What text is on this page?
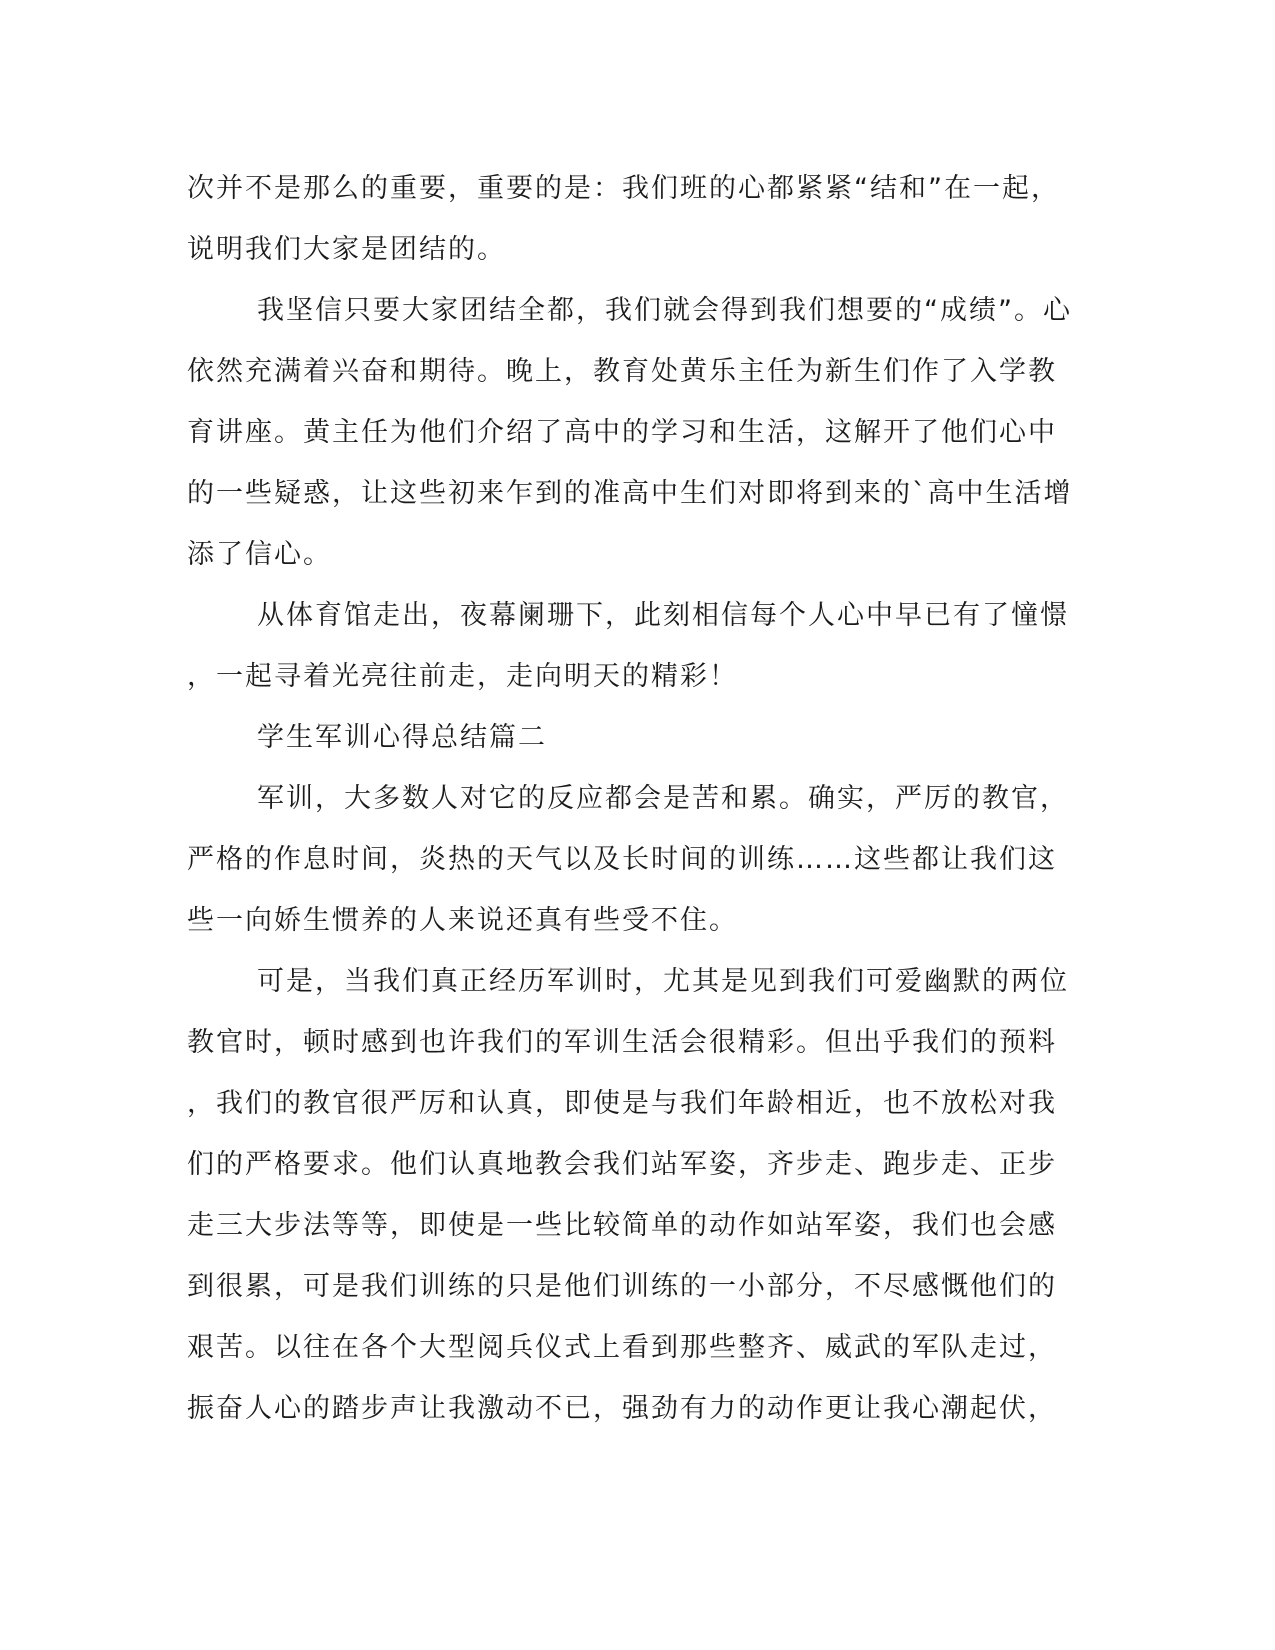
次并不是那么的重要，重要的是：我们班的心都紧紧“结和”在一起，
说明我们大家是团结的。
我坚信只要大家团结全都，我们就会得到我们想要的“成绩”。心
依然充满着兴奋和期待。晚上，教育处黄乐主任为新生们作了入学教
育讲座。黄主任为他们介绍了高中的学习和生活，这解开了他们心中
的一些疑惑，让这些初来乍到的准高中生们对即将到来的`高中生活增
添了信心。
从体育馆走出，夜幕阑珊下，此刻相信每个人心中早已有了憧憬
，一起寻着光亮往前走，走向明天的精彩！
学生军训心得总结篇二
军训，大多数人对它的反应都会是苦和累。确实，严厉的教官，
严格的作息时间，炎热的天气以及长时间的训练……这些都让我们这
些一向娇生惯养的人来说还真有些受不住。
可是，当我们真正经历军训时，尤其是见到我们可爱幽默的两位
教官时，顿时感到也许我们的军训生活会很精彩。但出乎我们的预料
，我们的教官很严厉和认真，即使是与我们年龄相近，也不放松对我
们的严格要求。他们认真地教会我们站军姿，齐步走、跑步走、正步
走三大步法等等，即使是一些比较简单的动作如站军姿，我们也会感
到很累，可是我们训练的只是他们训练的一小部分，不尽感慨他们的
艰苦。以往在各个大型阅兵仪式上看到那些整齐、威武的军队走过，
振奋人心的踏步声让我激动不已，强劲有力的动作更让我心潮起伏，
